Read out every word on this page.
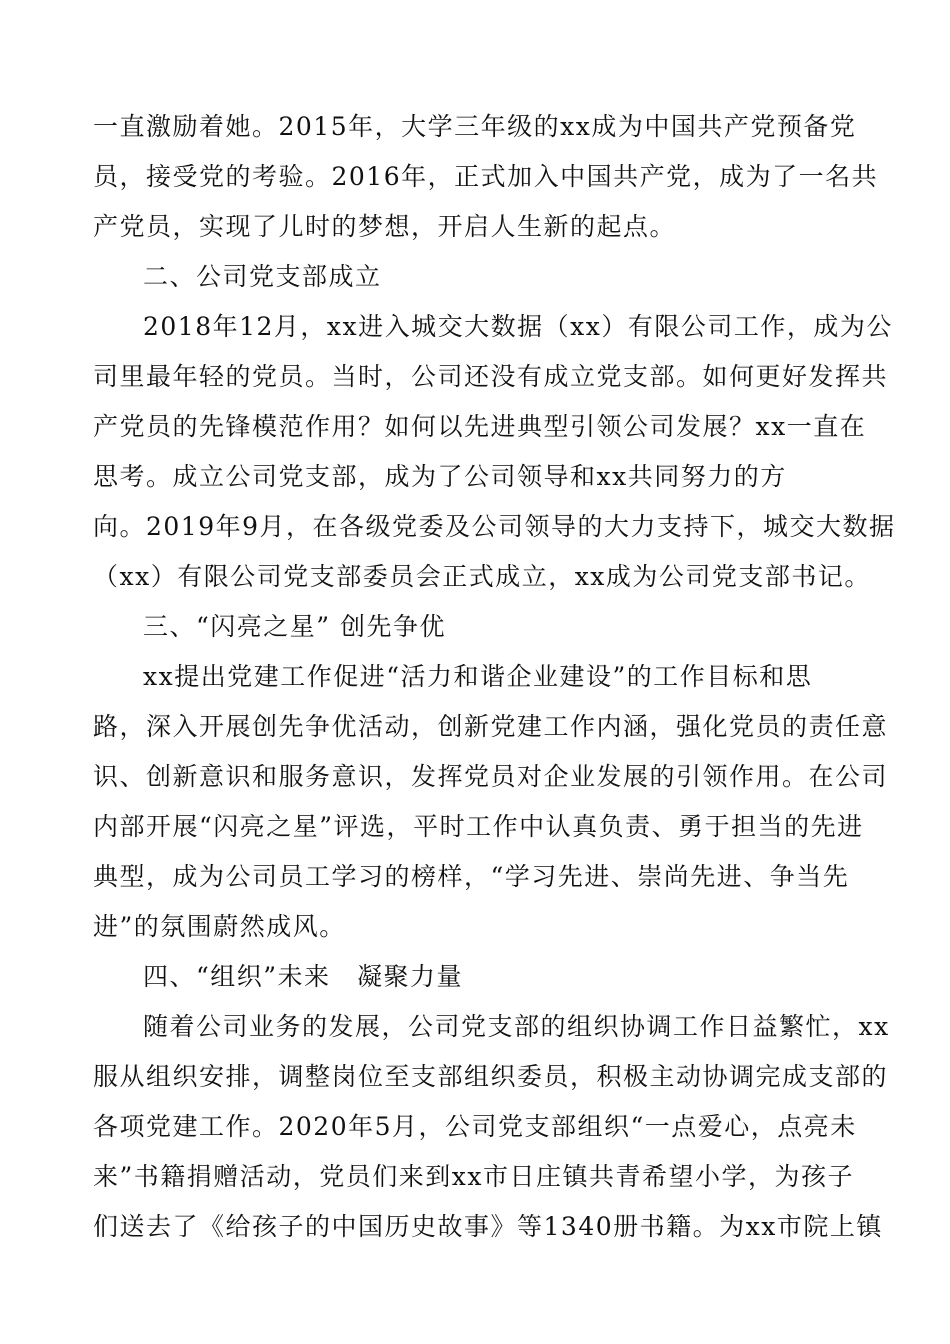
一直激励着她。2015年，大学三年级的xx成为中国共产党预备党
员，接受党的考验。2016年，正式加入中国共产党，成为了一名共
产党员，实现了儿时的梦想，开启人生新的起点。
二、公司党支部成立
2018年12月，xx进入城交大数据（xx）有限公司工作，成为公
司里最年轻的党员。当时，公司还没有成立党支部。如何更好发挥共
产党员的先锋模范作用？如何以先进典型引领公司发展？xx一直在
思考。成立公司党支部，成为了公司领导和xx共同努力的方
向。2019年9月，在各级党委及公司领导的大力支持下，城交大数据
（xx）有限公司党支部委员会正式成立，xx成为公司党支部书记。
三、“闪亮之星” 创先争优
xx提出党建工作促进“活力和谐企业建设”的工作目标和思
路，深入开展创先争优活动，创新党建工作内涵，强化党员的责任意
识、创新意识和服务意识，发挥党员对企业发展的引领作用。在公司
内部开展“闪亮之星”评选，平时工作中认真负责、勇于担当的先进
典型，成为公司员工学习的榜样，“学习先进、崇尚先进、争当先
进”的氛围蔚然成风。
四、“组织”未来　凝聚力量
随着公司业务的发展，公司党支部的组织协调工作日益繁忙，xx
服从组织安排，调整岗位至支部组织委员，积极主动协调完成支部的
各项党建工作。2020年5月，公司党支部组织“一点爱心，点亮未
来”书籍捐赠活动，党员们来到xx市日庄镇共青希望小学，为孩子
们送去了《给孩子的中国历史故事》等1340册书籍。为xx市院上镇
